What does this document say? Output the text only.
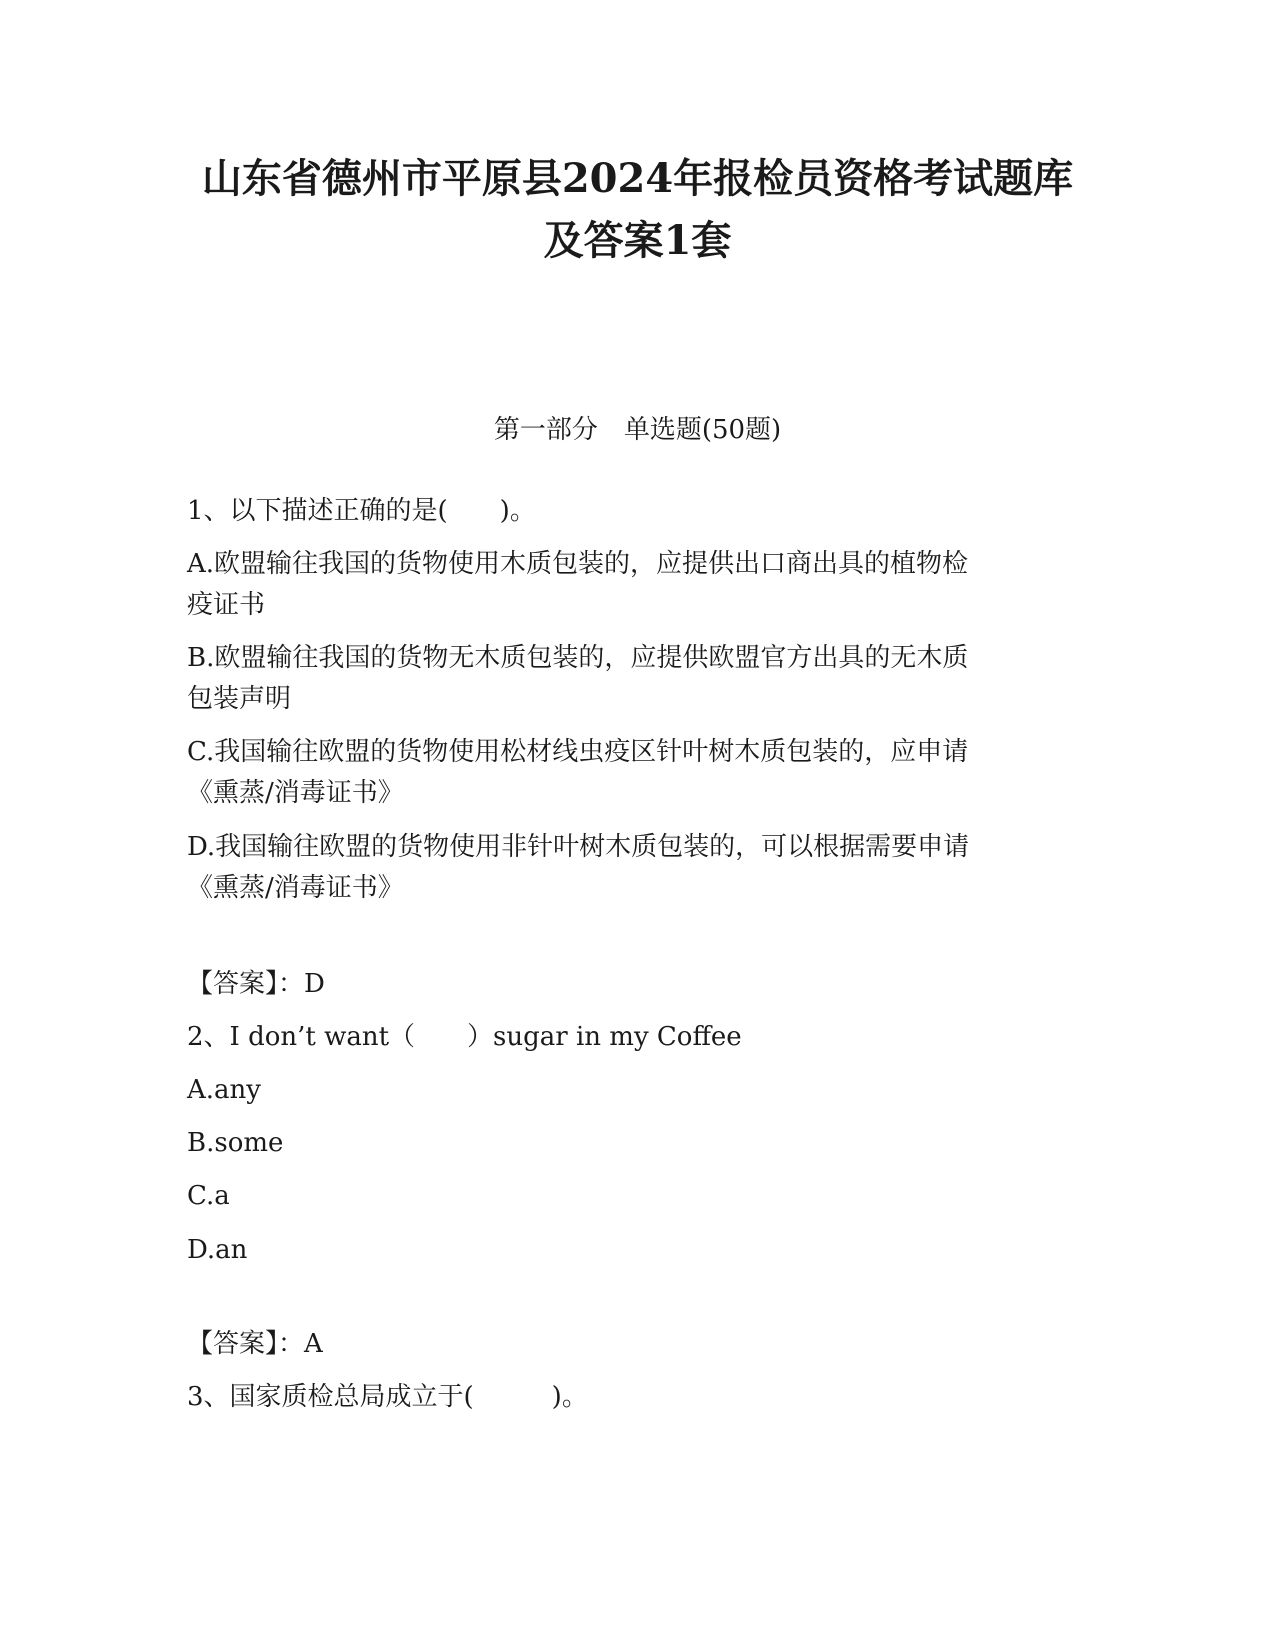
山东省德州市平原县2024年报检员资格考试题库
及答案1套
第一部分　单选题(50题)
1、以下描述正确的是(　　)。
A.欧盟输往我国的货物使用木质包装的，应提供出口商出具的植物检
疫证书
B.欧盟输往我国的货物无木质包装的，应提供欧盟官方出具的无木质
包装声明
C.我国输往欧盟的货物使用松材线虫疫区针叶树木质包装的，应申请
《熏蒸/消毒证书》
D.我国输往欧盟的货物使用非针叶树木质包装的，可以根据需要申请
《熏蒸/消毒证书》
【答案】：D
2、I don’t want（　　）sugar in my Coffee
A.any
B.some
C.a
D.an
【答案】：A
3、国家质检总局成立于(　　　)。
